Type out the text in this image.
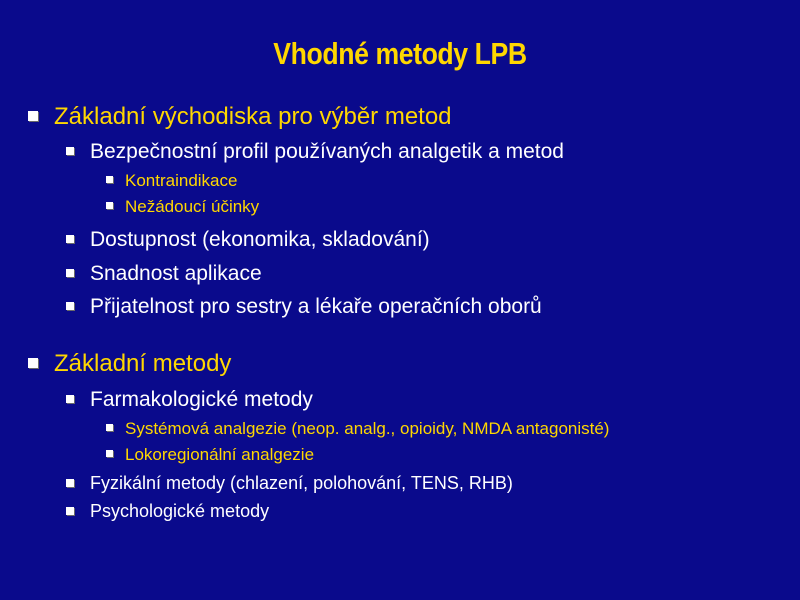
Vhodné metody LPB
Základní východiska pro výběr metod
Bezpečnostní profil používaných analgetik a metod
Kontraindikace
Nežádoucí účinky
Dostupnost (ekonomika, skladování)
Snadnost aplikace
Přijatelnost pro sestry a lékaře operačních oborů
Základní metody
Farmakologické metody
Systémová analgezie (neop. analg., opioidy, NMDA antagonisté)
Lokoregionální analgezie
Fyzikální metody (chlazení, polohování, TENS, RHB)
Psychologické metody
